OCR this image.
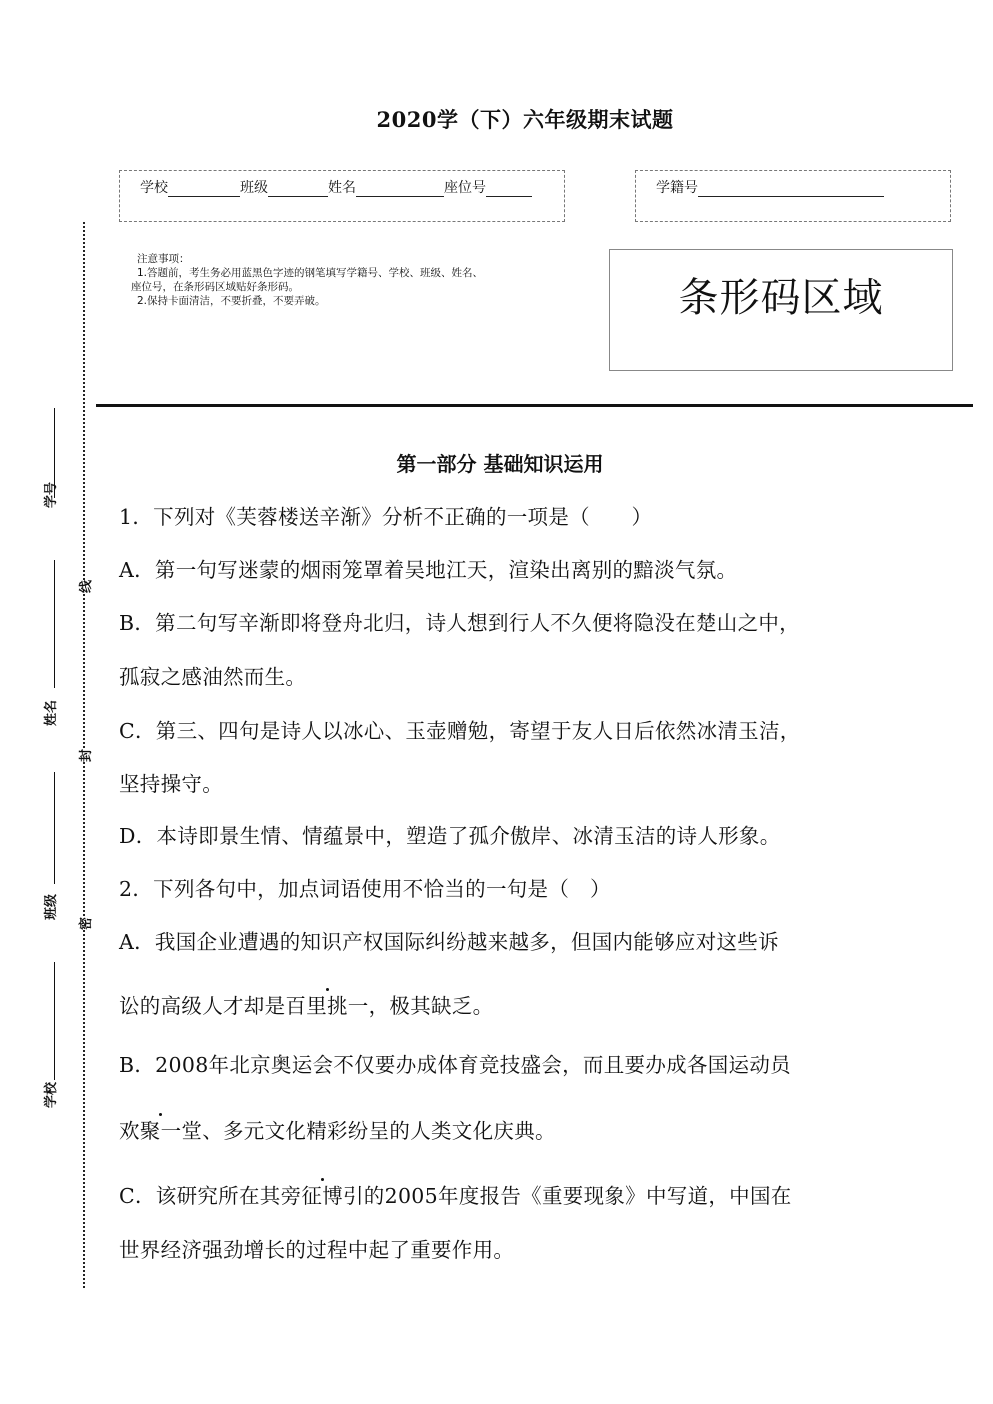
2020学（下）六年级期末试题
学校	班级	姓名	座位号	学籍号
注意事项：
1.答题前，考生务必用蓝黑色字迹的钢笔填写学籍号、学校、班级、姓名、
座位号，在条形码区域贴好条形码。
2.保持卡面清洁，不要折叠，不要弄破。	条形码区域
学号
姓名
班级
学校
线
封
密
第一部分 基础知识运用
1．下列对《芙蓉楼送辛渐》分析不正确的一项是（　　）
A．第一句写迷蒙的烟雨笼罩着吴地江天，渲染出离别的黯淡气氛。
B．第二句写辛渐即将登舟北归，诗人想到行人不久便将隐没在楚山之中，
孤寂之感油然而生。
C．第三、四句是诗人以冰心、玉壶赠勉，寄望于友人日后依然冰清玉洁，
坚持操守。
D．本诗即景生情、情蕴景中，塑造了孤介傲岸、冰清玉洁的诗人形象。
2．下列各句中，加点词语使用不恰当的一句是（　）
A．我国企业遭遇的知识产权国际纠纷越来越多，但国内能够应对这些诉
讼的高级人才却是百里挑一，极其缺乏。
B．2008年北京奥运会不仅要办成体育竞技盛会，而且要办成各国运动员
欢聚一堂、多元文化精彩纷呈的人类文化庆典。
C．该研究所在其旁征博引的2005年度报告《重要现象》中写道，中国在
世界经济强劲增长的过程中起了重要作用。
